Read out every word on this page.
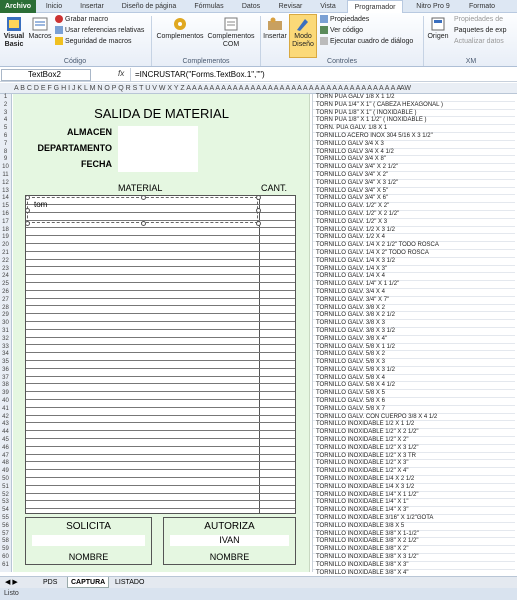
Archivo	Inicio	Insertar	Diseño de página	Fórmulas	Datos	Revisar	Vista	Programador	Nitro Pro 9	Formato
Visual Basic
Macros
Grabar macro
Usar referencias relativas
Seguridad de macros
Código
Complementos Complementos COM
Complementos
Insertar	Modo Diseño
Propiedades
Ver código
Ejecutar cuadro de diálogo
Controles
Origen
Propiedades de
Paquetes de exp
Actualizar datos
XM
TextBox2	fx	=INCRUSTAR("Forms.TextBox.1","")
A B C D E F G H I J K L M N O P Q R S T U V W X Y Z A A A A A A A A A A A A A A A A A A A A A A A A A A A A A A A A A A A A A
AW
1
2
3
4
5
6
7
8
9
10
11
12
13
14
15
16
17
18
19
20
21
22
23
24
25
26
27
28
29
30
31
32
33
34
35
36
37
38
39
40
41
42
43
44
45
46
47
48
49
50
51
52
53
54
55
56
57
58
59
60
61
SALIDA DE MATERIAL
ALMACEN
DEPARTAMENTO
FECHA
MATERIAL	CANT.
tom
SOLICITA
NOMBRE
AUTORIZA
IVAN
NOMBRE
TORN PUA GALV 1/8 X 1 1/2
TORN PUA 1/4" X 1" ( CABEZA HEXAGONAL )
TORN PUA 1/8" X 1" ( INOXIDABLE )
TORN PUA 1/8" X 1 1/2" ( INOXIDABLE )
TORN. PUA GALV. 1/8 X 1
TORNILLO ACERO INOX 304 5/16 X 3 1/2"
TORNILLO GALV 3/4 X 3
TORNILLO GALV 3/4 X 4 1/2
TORNILLO GALV 3/4 X 8"
TORNILLO GALV 3/4" X 2 1/2"
TORNILLO GALV 3/4" X 2"
TORNILLO GALV 3/4" X 3 1/2"
TORNILLO GALV 3/4" X 5"
TORNILLO GALV 3/4" X 6"
TORNILLO GALV. 1/2" X 2"
TORNILLO GALV. 1/2" X 2 1/2"
TORNILLO GALV. 1/2" X 3
TORNILLO GALV. 1/2 X 3 1/2
TORNILLO GALV. 1/2 X 4
TORNILLO GALV. 1/4 X 2 1/2" TODO ROSCA
TORNILLO GALV. 1/4 X 2" TODO ROSCA
TORNILLO GALV. 1/4 X 3 1/2
TORNILLO GALV. 1/4 X 3"
TORNILLO GALV. 1/4 X 4
TORNILLO GALV. 1/4" X 1 1/2"
TORNILLO GALV. 3/4 X 4
TORNILLO GALV. 3/4" X 7"
TORNILLO GALV. 3/8 X 2
TORNILLO GALV. 3/8 X 2 1/2
TORNILLO GALV. 3/8 X 3
TORNILLO GALV. 3/8 X 3 1/2
TORNILLO GALV. 3/8 X 4"
TORNILLO GALV. 5/8 X 1 1/2
TORNILLO GALV. 5/8 X 2
TORNILLO GALV. 5/8 X 3
TORNILLO GALV. 5/8 X 3 1/2
TORNILLO GALV. 5/8 X 4
TORNILLO GALV. 5/8 X 4 1/2
TORNILLO GALV. 5/8 X 5
TORNILLO GALV. 5/8 X 6
TORNILLO GALV. 5/8 X 7
TORNILLO GALV. CON CUERPO 3/8 X 4 1/2
TORNILLO INOXIDABLE 1/2 X 1 1/2
TORNILLO INOXIDABLE 1/2" X 2 1/2"
TORNILLO INOXIDABLE 1/2" X 2"
TORNILLO INOXIDABLE 1/2" X 3 1/2"
TORNILLO INOXIDABLE 1/2" X 3 TR
TORNILLO INOXIDABLE 1/2" X 3"
TORNILLO INOXIDABLE 1/2" X 4"
TORNILLO INOXIDABLE 1/4 X 2 1/2
TORNILLO INOXIDABLE 1/4 X 3 1/2
TORNILLO INOXIDABLE 1/4" X 1 1/2"
TORNILLO INOXIDABLE 1/4" X 1"
TORNILLO INOXIDABLE 1/4" X 3"
TORNILLO INOXIDABLE 3/16" X 1/2"GOTA
TORNILLO INOXIDABLE 3/8 X 5
TORNILLO INOXIDABLE 3/8" X 1-1/2"
TORNILLO INOXIDABLE 3/8" X 2 1/2"
TORNILLO INOXIDABLE 3/8" X 2"
TORNILLO INOXIDABLE 3/8" X 3 1/2"
TORNILLO INOXIDABLE 3/8" X 3"
TORNILLO INOXIDABLE 3/8" X 4"
◀ ▶	PDS	CAPTURA	LISTADO
Listo
